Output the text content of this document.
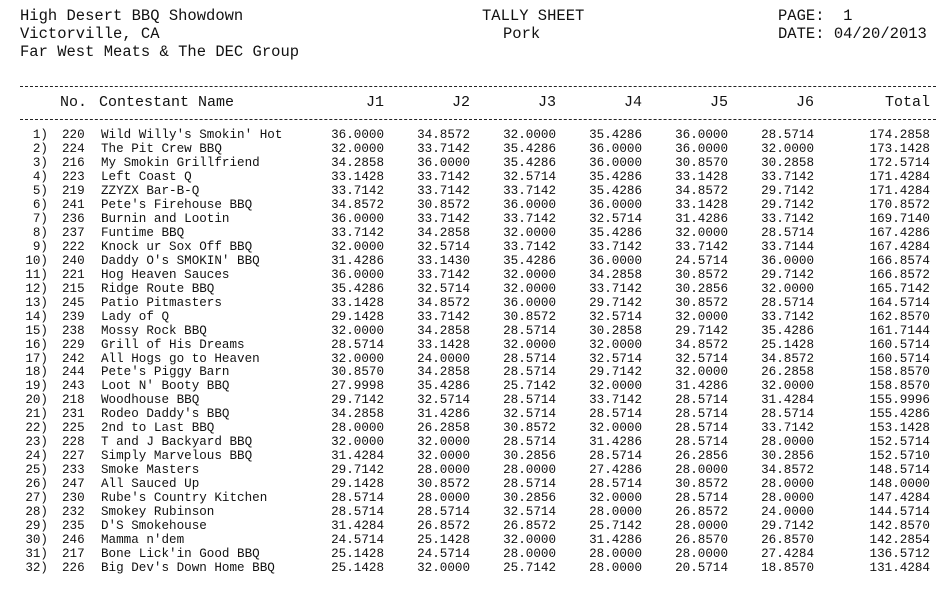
High Desert BBQ Showdown
Victorville, CA
Far West Meats & The DEC Group
TALLY SHEET
Pork
PAGE: 1
DATE: 04/20/2013
No. Contestant Name	J1	J2	J3	J4	J5	J6	Total
1) 220 Wild Willy's Smokin' Hot	36.0000	34.8572	32.0000	35.4286	36.0000	28.5714	174.2858
2) 224 The Pit Crew BBQ	32.0000	33.7142	35.4286	36.0000	36.0000	32.0000	173.1428
3) 216 My Smokin Grillfriend	34.2858	36.0000	35.4286	36.0000	30.8570	30.2858	172.5714
4) 223 Left Coast Q	33.1428	33.7142	32.5714	35.4286	33.1428	33.7142	171.4284
5) 219 ZZYZX Bar-B-Q	33.7142	33.7142	33.7142	35.4286	34.8572	29.7142	171.4284
6) 241 Pete's Firehouse BBQ	34.8572	30.8572	36.0000	36.0000	33.1428	29.7142	170.8572
7) 236 Burnin and Lootin	36.0000	33.7142	33.7142	32.5714	31.4286	33.7142	169.7140
8) 237 Funtime BBQ	33.7142	34.2858	32.0000	35.4286	32.0000	28.5714	167.4286
9) 222 Knock ur Sox Off BBQ	32.0000	32.5714	33.7142	33.7142	33.7142	33.7144	167.4284
10) 240 Daddy O's SMOKIN' BBQ	31.4286	33.1430	35.4286	36.0000	24.5714	36.0000	166.8574
11) 221 Hog Heaven Sauces	36.0000	33.7142	32.0000	34.2858	30.8572	29.7142	166.8572
12) 215 Ridge Route BBQ	35.4286	32.5714	32.0000	33.7142	30.2856	32.0000	165.7142
13) 245 Patio Pitmasters	33.1428	34.8572	36.0000	29.7142	30.8572	28.5714	164.5714
14) 239 Lady of Q	29.1428	33.7142	30.8572	32.5714	32.0000	33.7142	162.8570
15) 238 Mossy Rock BBQ	32.0000	34.2858	28.5714	30.2858	29.7142	35.4286	161.7144
16) 229 Grill of His Dreams	28.5714	33.1428	32.0000	32.0000	34.8572	25.1428	160.5714
17) 242 All Hogs go to Heaven	32.0000	24.0000	28.5714	32.5714	32.5714	34.8572	160.5714
18) 244 Pete's Piggy Barn	30.8570	34.2858	28.5714	29.7142	32.0000	26.2858	158.8570
19) 243 Loot N' Booty BBQ	27.9998	35.4286	25.7142	32.0000	31.4286	32.0000	158.8570
20) 218 Woodhouse BBQ	29.7142	32.5714	28.5714	33.7142	28.5714	31.4284	155.9996
21) 231 Rodeo Daddy's BBQ	34.2858	31.4286	32.5714	28.5714	28.5714	28.5714	155.4286
22) 225 2nd to Last BBQ	28.0000	26.2858	30.8572	32.0000	28.5714	33.7142	153.1428
23) 228 T and J Backyard BBQ	32.0000	32.0000	28.5714	31.4286	28.5714	28.0000	152.5714
24) 227 Simply Marvelous BBQ	31.4284	32.0000	30.2856	28.5714	26.2856	30.2856	152.5710
25) 233 Smoke Masters	29.7142	28.0000	28.0000	27.4286	28.0000	34.8572	148.5714
26) 247 All Sauced Up	29.1428	30.8572	28.5714	28.5714	30.8572	28.0000	148.0000
27) 230 Rube's Country Kitchen	28.5714	28.0000	30.2856	32.0000	28.5714	28.0000	147.4284
28) 232 Smokey Rubinson	28.5714	28.5714	32.5714	28.0000	26.8572	24.0000	144.5714
29) 235 D'S Smokehouse	31.4284	26.8572	26.8572	25.7142	28.0000	29.7142	142.8570
30) 246 Mamma n'dem	24.5714	25.1428	32.0000	31.4286	26.8570	26.8570	142.2854
31) 217 Bone Lick'in Good BBQ	25.1428	24.5714	28.0000	28.0000	28.0000	27.4284	136.5712
32) 226 Big Dev's Down Home BBQ	25.1428	32.0000	25.7142	28.0000	20.5714	18.8570	131.4284
